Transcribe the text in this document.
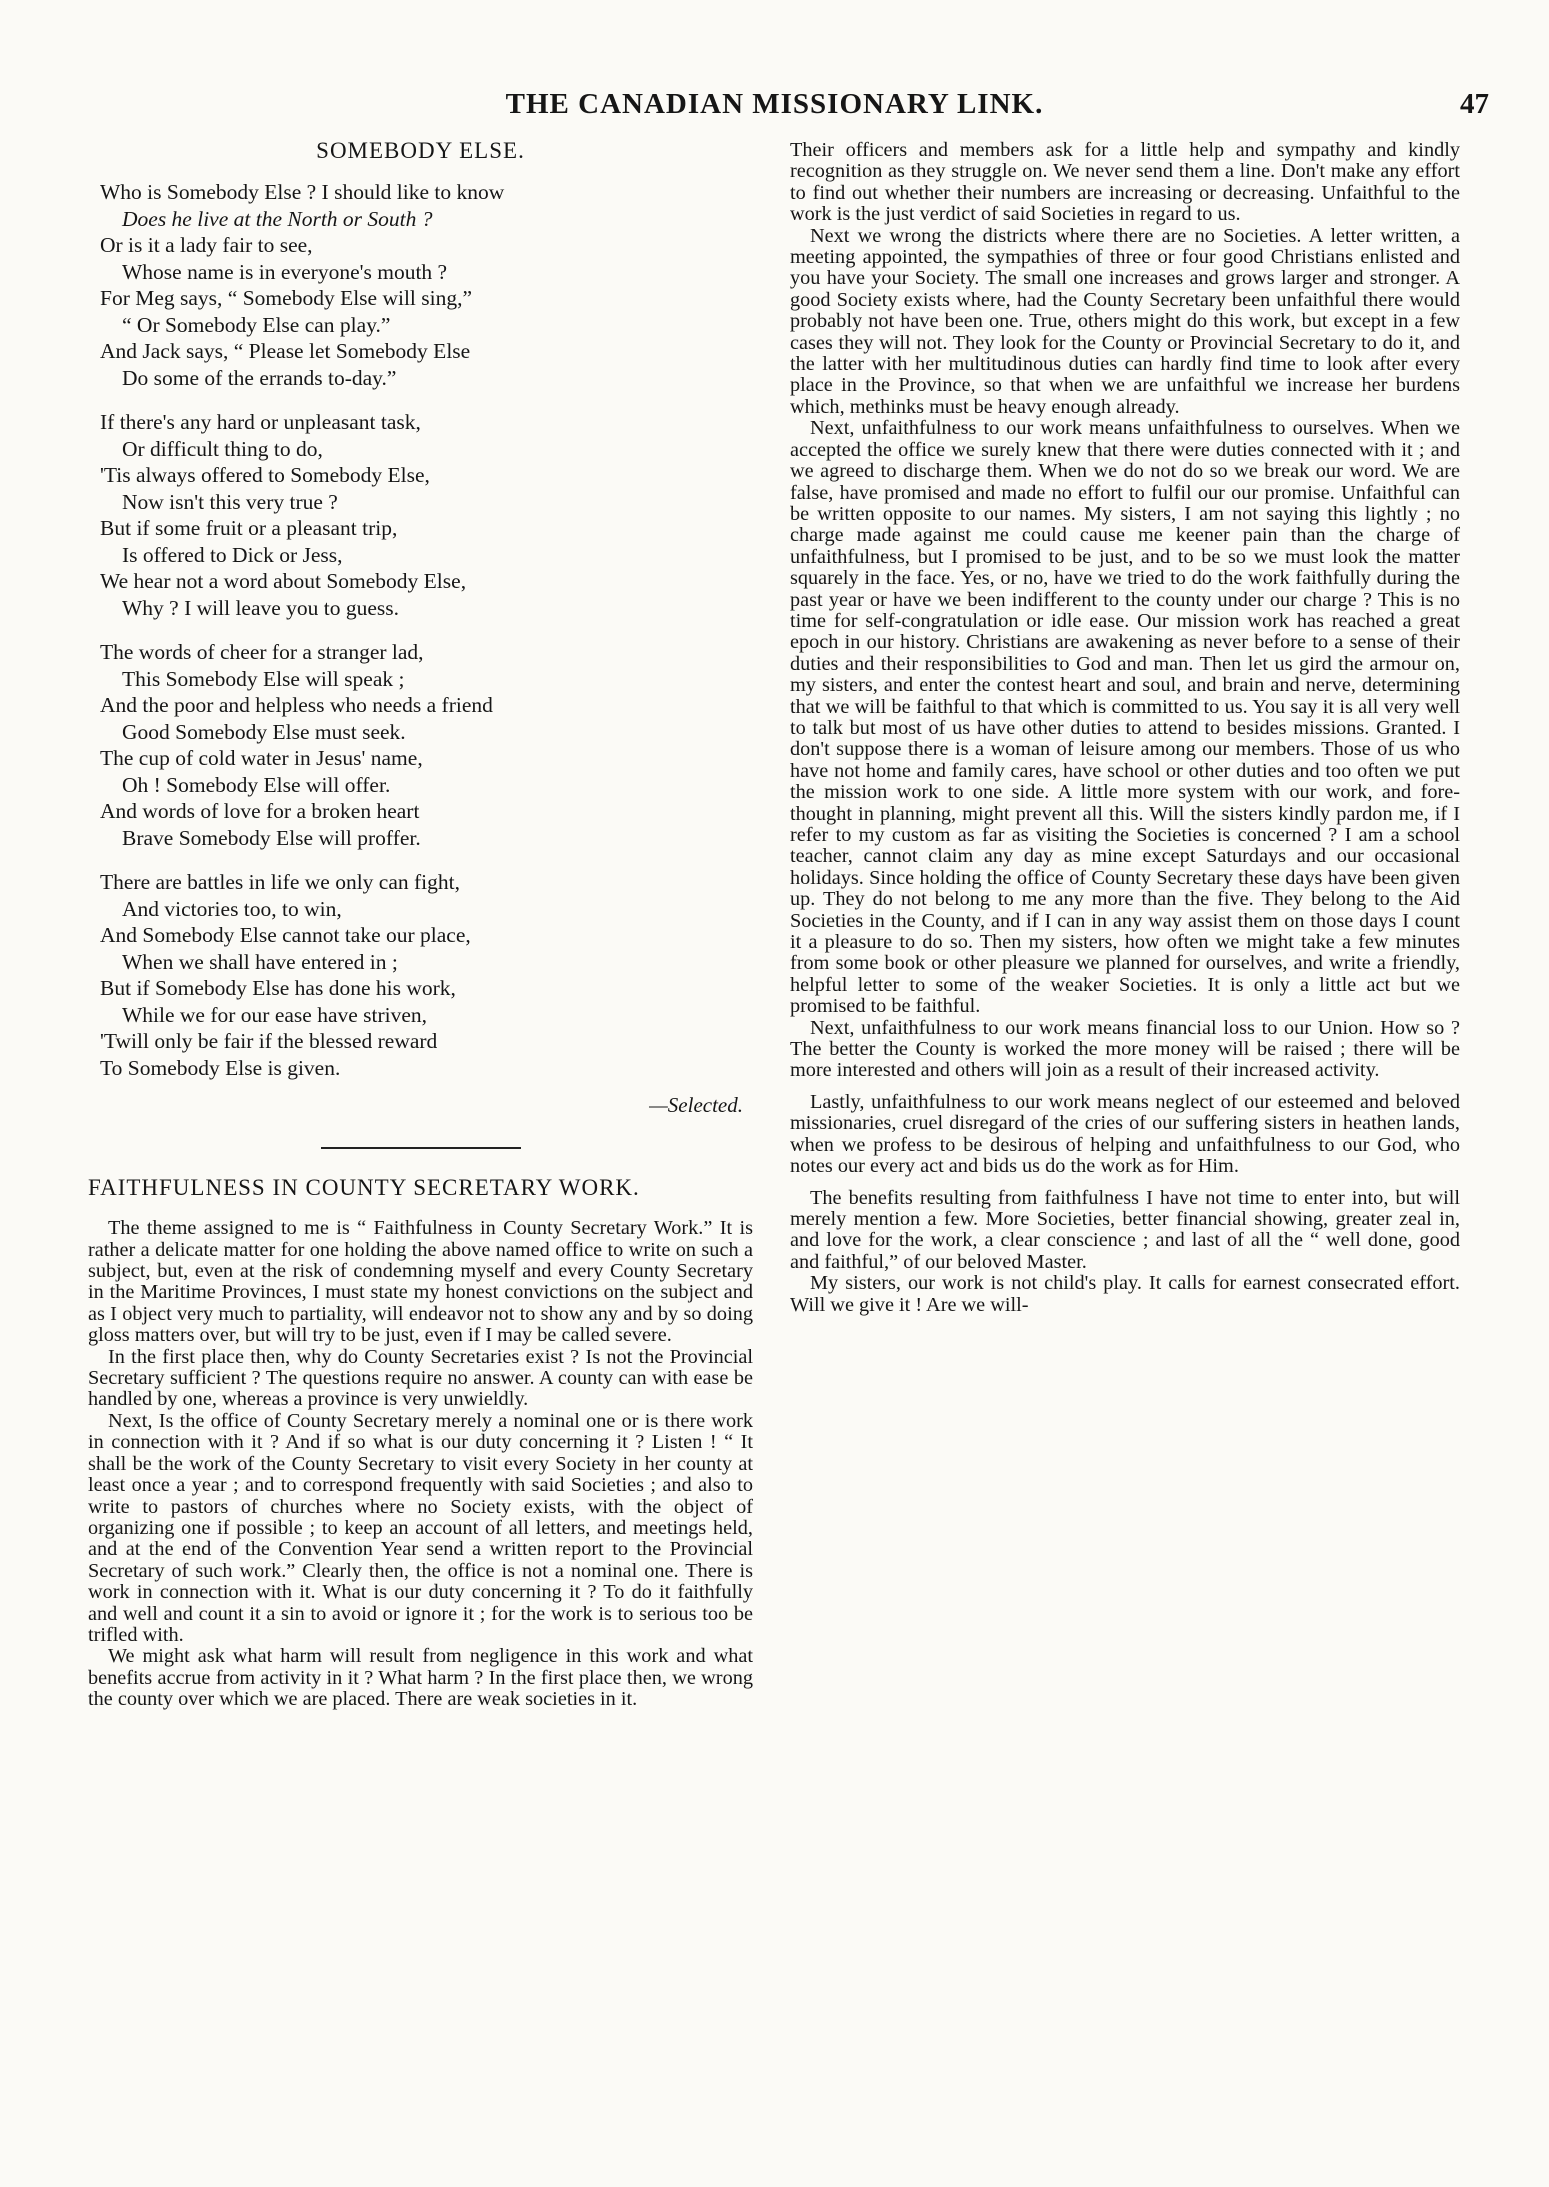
THE CANADIAN MISSIONARY LINK.	47
SOMEBODY ELSE.
Who is Somebody Else ? I should like to know
Does he live at the North or South ?
Or is it a lady fair to see,
Whose name is in everyone's mouth ?
For Meg says, “ Somebody Else will sing,”
“ Or Somebody Else can play.”
And Jack says, “ Please let Somebody Else
Do some of the errands to-day.”
If there's any hard or unpleasant task,
Or difficult thing to do,
'Tis always offered to Somebody Else,
Now isn't this very true ?
But if some fruit or a pleasant trip,
Is offered to Dick or Jess,
We hear not a word about Somebody Else,
Why ? I will leave you to guess.
The words of cheer for a stranger lad,
This Somebody Else will speak ;
And the poor and helpless who needs a friend
Good Somebody Else must seek.
The cup of cold water in Jesus' name,
Oh ! Somebody Else will offer.
And words of love for a broken heart
Brave Somebody Else will proffer.
There are battles in life we only can fight,
And victories too, to win,
And Somebody Else cannot take our place,
When we shall have entered in ;
But if Somebody Else has done his work,
While we for our ease have striven,
'Twill only be fair if the blessed reward
To Somebody Else is given.
—Selected.
FAITHFULNESS IN COUNTY SECRETARY WORK.

The theme assigned to me is “ Faithfulness in County Secretary Work.” It is rather a delicate matter for one holding the above named office to write on such a subject, but, even at the risk of condemning myself and every County Secretary in the Maritime Provinces, I must state my honest convictions on the subject and as I object very much to partiality, will endeavor not to show any and by so doing gloss matters over, but will try to be just, even if I may be called severe.

In the first place then, why do County Secretaries exist ? Is not the Provincial Secretary sufficient ? The questions require no answer. A county can with ease be handled by one, whereas a province is very unwieldly.

Next, Is the office of County Secretary merely a nominal one or is there work in connection with it ? And if so what is our duty concerning it ? Listen ! “ It shall be the work of the County Secretary to visit every Society in her county at least once a year ; and to correspond frequently with said Societies ; and also to write to pastors of churches where no Society exists, with the object of organizing one if possible ; to keep an account of all letters, and meetings held, and at the end of the Convention Year send a written report to the Provincial Secretary of such work.” Clearly then, the office is not a nominal one. There is work in connection with it. What is our duty concerning it ? To do it faithfully and well and count it a sin to avoid or ignore it ; for the work is to serious too be trifled with.

We might ask what harm will result from negligence in this work and what benefits accrue from activity in it ? What harm ? In the first place then, we wrong the county over which we are placed. There are weak societies in it.

Their officers and members ask for a little help and sympathy and kindly recognition as they struggle on. We never send them a line. Don't make any effort to find out whether their numbers are increasing or decreasing. Unfaithful to the work is the just verdict of said Societies in regard to us.

Next we wrong the districts where there are no Societies. A letter written, a meeting appointed, the sympathies of three or four good Christians enlisted and you have your Society. The small one increases and grows larger and stronger. A good Society exists where, had the County Secretary been unfaithful there would probably not have been one. True, others might do this work, but except in a few cases they will not. They look for the County or Provincial Secretary to do it, and the latter with her multitudinous duties can hardly find time to look after every place in the Province, so that when we are unfaithful we increase her burdens which, methinks must be heavy enough already.

Next, unfaithfulness to our work means unfaithfulness to ourselves. When we accepted the office we surely knew that there were duties connected with it ; and we agreed to discharge them. When we do not do so we break our word. We are false, have promised and made no effort to fulfil our our promise. Unfaithful can be written opposite to our names. My sisters, I am not saying this lightly ; no charge made against me could cause me keener pain than the charge of unfaithfulness, but I promised to be just, and to be so we must look the matter squarely in the face. Yes, or no, have we tried to do the work faithfully during the past year or have we been indifferent to the county under our charge ? This is no time for self-congratulation or idle ease. Our mission work has reached a great epoch in our history. Christians are awakening as never before to a sense of their duties and their responsibilities to God and man. Then let us gird the armour on, my sisters, and enter the contest heart and soul, and brain and nerve, determining that we will be faithful to that which is committed to us. You say it is all very well to talk but most of us have other duties to attend to besides missions. Granted. I don't suppose there is a woman of leisure among our members. Those of us who have not home and family cares, have school or other duties and too often we put the mission work to one side. A little more system with our work, and fore-thought in planning, might prevent all this. Will the sisters kindly pardon me, if I refer to my custom as far as visiting the Societies is concerned ? I am a school teacher, cannot claim any day as mine except Saturdays and our occasional holidays. Since holding the office of County Secretary these days have been given up. They do not belong to me any more than the five. They belong to the Aid Societies in the County, and if I can in any way assist them on those days I count it a pleasure to do so. Then my sisters, how often we might take a few minutes from some book or other pleasure we planned for ourselves, and write a friendly, helpful letter to some of the weaker Societies. It is only a little act but we promised to be faithful.

Next, unfaithfulness to our work means financial loss to our Union. How so ? The better the County is worked the more money will be raised ; there will be more interested and others will join as a result of their increased activity.

Lastly, unfaithfulness to our work means neglect of our esteemed and beloved missionaries, cruel disregard of the cries of our suffering sisters in heathen lands, when we profess to be desirous of helping and unfaithfulness to our God, who notes our every act and bids us do the work as for Him.

The benefits resulting from faithfulness I have not time to enter into, but will merely mention a few. More Societies, better financial showing, greater zeal in, and love for the work, a clear conscience ; and last of all the “ well done, good and faithful,” of our beloved Master.

My sisters, our work is not child's play. It calls for earnest consecrated effort. Will we give it ! Are we will-
